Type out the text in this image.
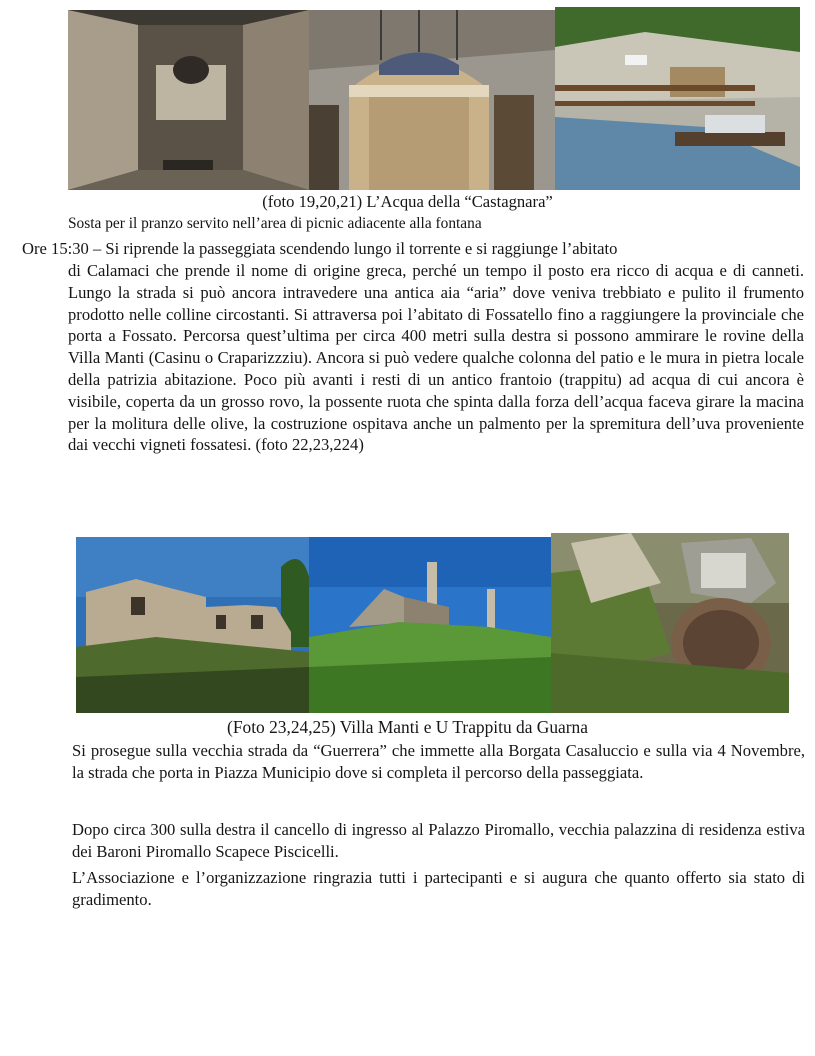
(foto 19,20,21) L’Acqua della “Castagnara”
Sosta per il pranzo servito nell’area di picnic adiacente alla fontana
Ore 15:30 – Si riprende la passeggiata scendendo lungo il torrente e si raggiunge l’abitato
di Calamaci che prende il nome di origine greca, perché un tempo il posto era ricco di acqua e di canneti. Lungo la strada si può ancora intravedere una antica aia “aria” dove veniva trebbiato e pulito il frumento prodotto nelle colline circostanti. Si attraversa poi l’abitato di Fossatello fino a raggiungere la provinciale che porta a Fossato. Percorsa quest’ultima per circa 400 metri sulla destra si possono ammirare le rovine della Villa Manti (Casinu o Craparizzziu). Ancora si può vedere qualche colonna del patio e le mura in pietra locale della patrizia abitazione. Poco più avanti i resti di un antico frantoio (trappitu) ad acqua di cui ancora è visibile, coperta da un grosso rovo, la possente ruota che spinta dalla forza dell’acqua faceva girare la macina per la molitura delle olive, la costruzione ospitava anche un palmento per la spremitura dell’uva proveniente dai vecchi vigneti fossatesi. (foto 22,23,224)
(Foto 23,24,25) Villa Manti e U Trappitu da Guarna
Si prosegue sulla vecchia strada da “Guerrera” che immette alla Borgata Casaluccio e sulla via 4 Novembre, la strada che porta in Piazza Municipio dove si completa il percorso della passeggiata.
Dopo circa 300 sulla destra il cancello di ingresso al Palazzo Piromallo, vecchia palazzina di residenza estiva dei Baroni Piromallo Scapece Piscicelli.
L’Associazione e l’organizzazione ringrazia tutti i partecipanti e si augura che quanto offerto sia stato di gradimento.
